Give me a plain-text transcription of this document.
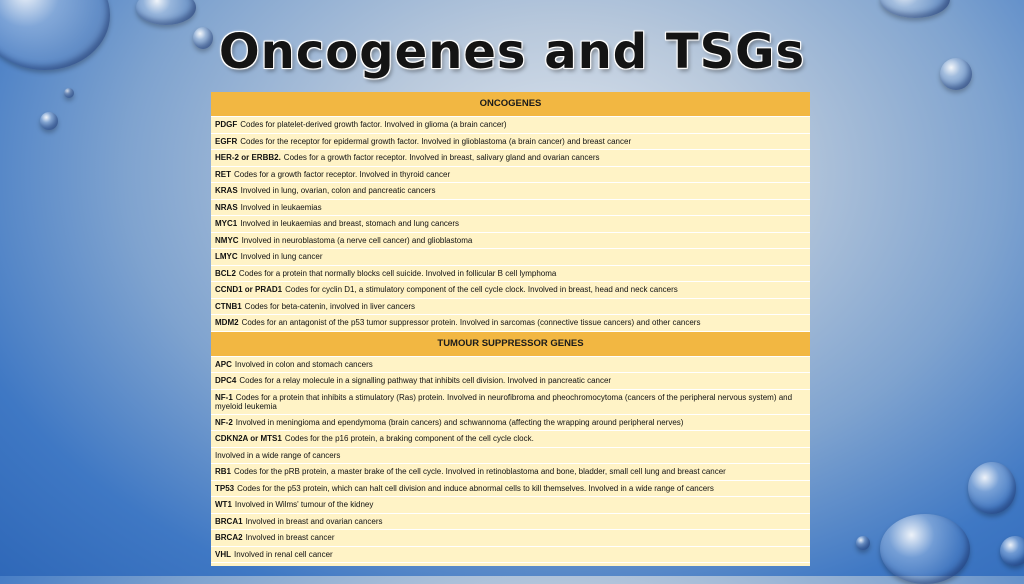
Oncogenes and TSGs
ONCOGENES
PDGF Codes for platelet-derived growth factor. Involved in glioma (a brain cancer)
EGFR Codes for the receptor for epidermal growth factor. Involved in glioblastoma (a brain cancer) and breast cancer
HER-2 or ERBB2. Codes for a growth factor receptor. Involved in breast, salivary gland and ovarian cancers
RET Codes for a growth factor receptor. Involved in thyroid cancer
KRAS Involved in lung, ovarian, colon and pancreatic cancers
NRAS Involved in leukaemias
MYC1 Involved in leukaemias and breast, stomach and lung cancers
NMYC Involved in neuroblastoma (a nerve cell cancer) and glioblastoma
LMYC Involved in lung cancer
BCL2 Codes for a protein that normally blocks cell suicide. Involved in follicular B cell lymphoma
CCND1 or PRAD1 Codes for cyclin D1, a stimulatory component of the cell cycle clock. Involved in breast, head and neck cancers
CTNB1 Codes for beta-catenin, involved in liver cancers
MDM2 Codes for an antagonist of the p53 tumor suppressor protein. Involved in sarcomas (connective tissue cancers) and other cancers
TUMOUR SUPPRESSOR GENES
APC Involved in colon and stomach cancers
DPC4 Codes for a relay molecule in a signalling pathway that inhibits cell division. Involved in pancreatic cancer
NF-1 Codes for a protein that inhibits a stimulatory (Ras) protein. Involved in neurofibroma and pheochromocytoma (cancers of the peripheral nervous system) and myeloid leukemia
NF-2 Involved in meningioma and ependymoma (brain cancers) and schwannoma (affecting the wrapping around peripheral nerves)
CDKN2A or MTS1 Codes for the p16 protein, a braking component of the cell cycle clock.
Involved in a wide range of cancers
RB1 Codes for the pRB protein, a master brake of the cell cycle. Involved in retinoblastoma and bone, bladder, small cell lung and breast cancer
TP53 Codes for the p53 protein, which can halt cell division and induce abnormal cells to kill themselves. Involved in a wide range of cancers
WT1 Involved in Wilms' tumour of the kidney
BRCA1 Involved in breast and ovarian cancers
BRCA2 Involved in breast cancer
VHL Involved in renal cell cancer
